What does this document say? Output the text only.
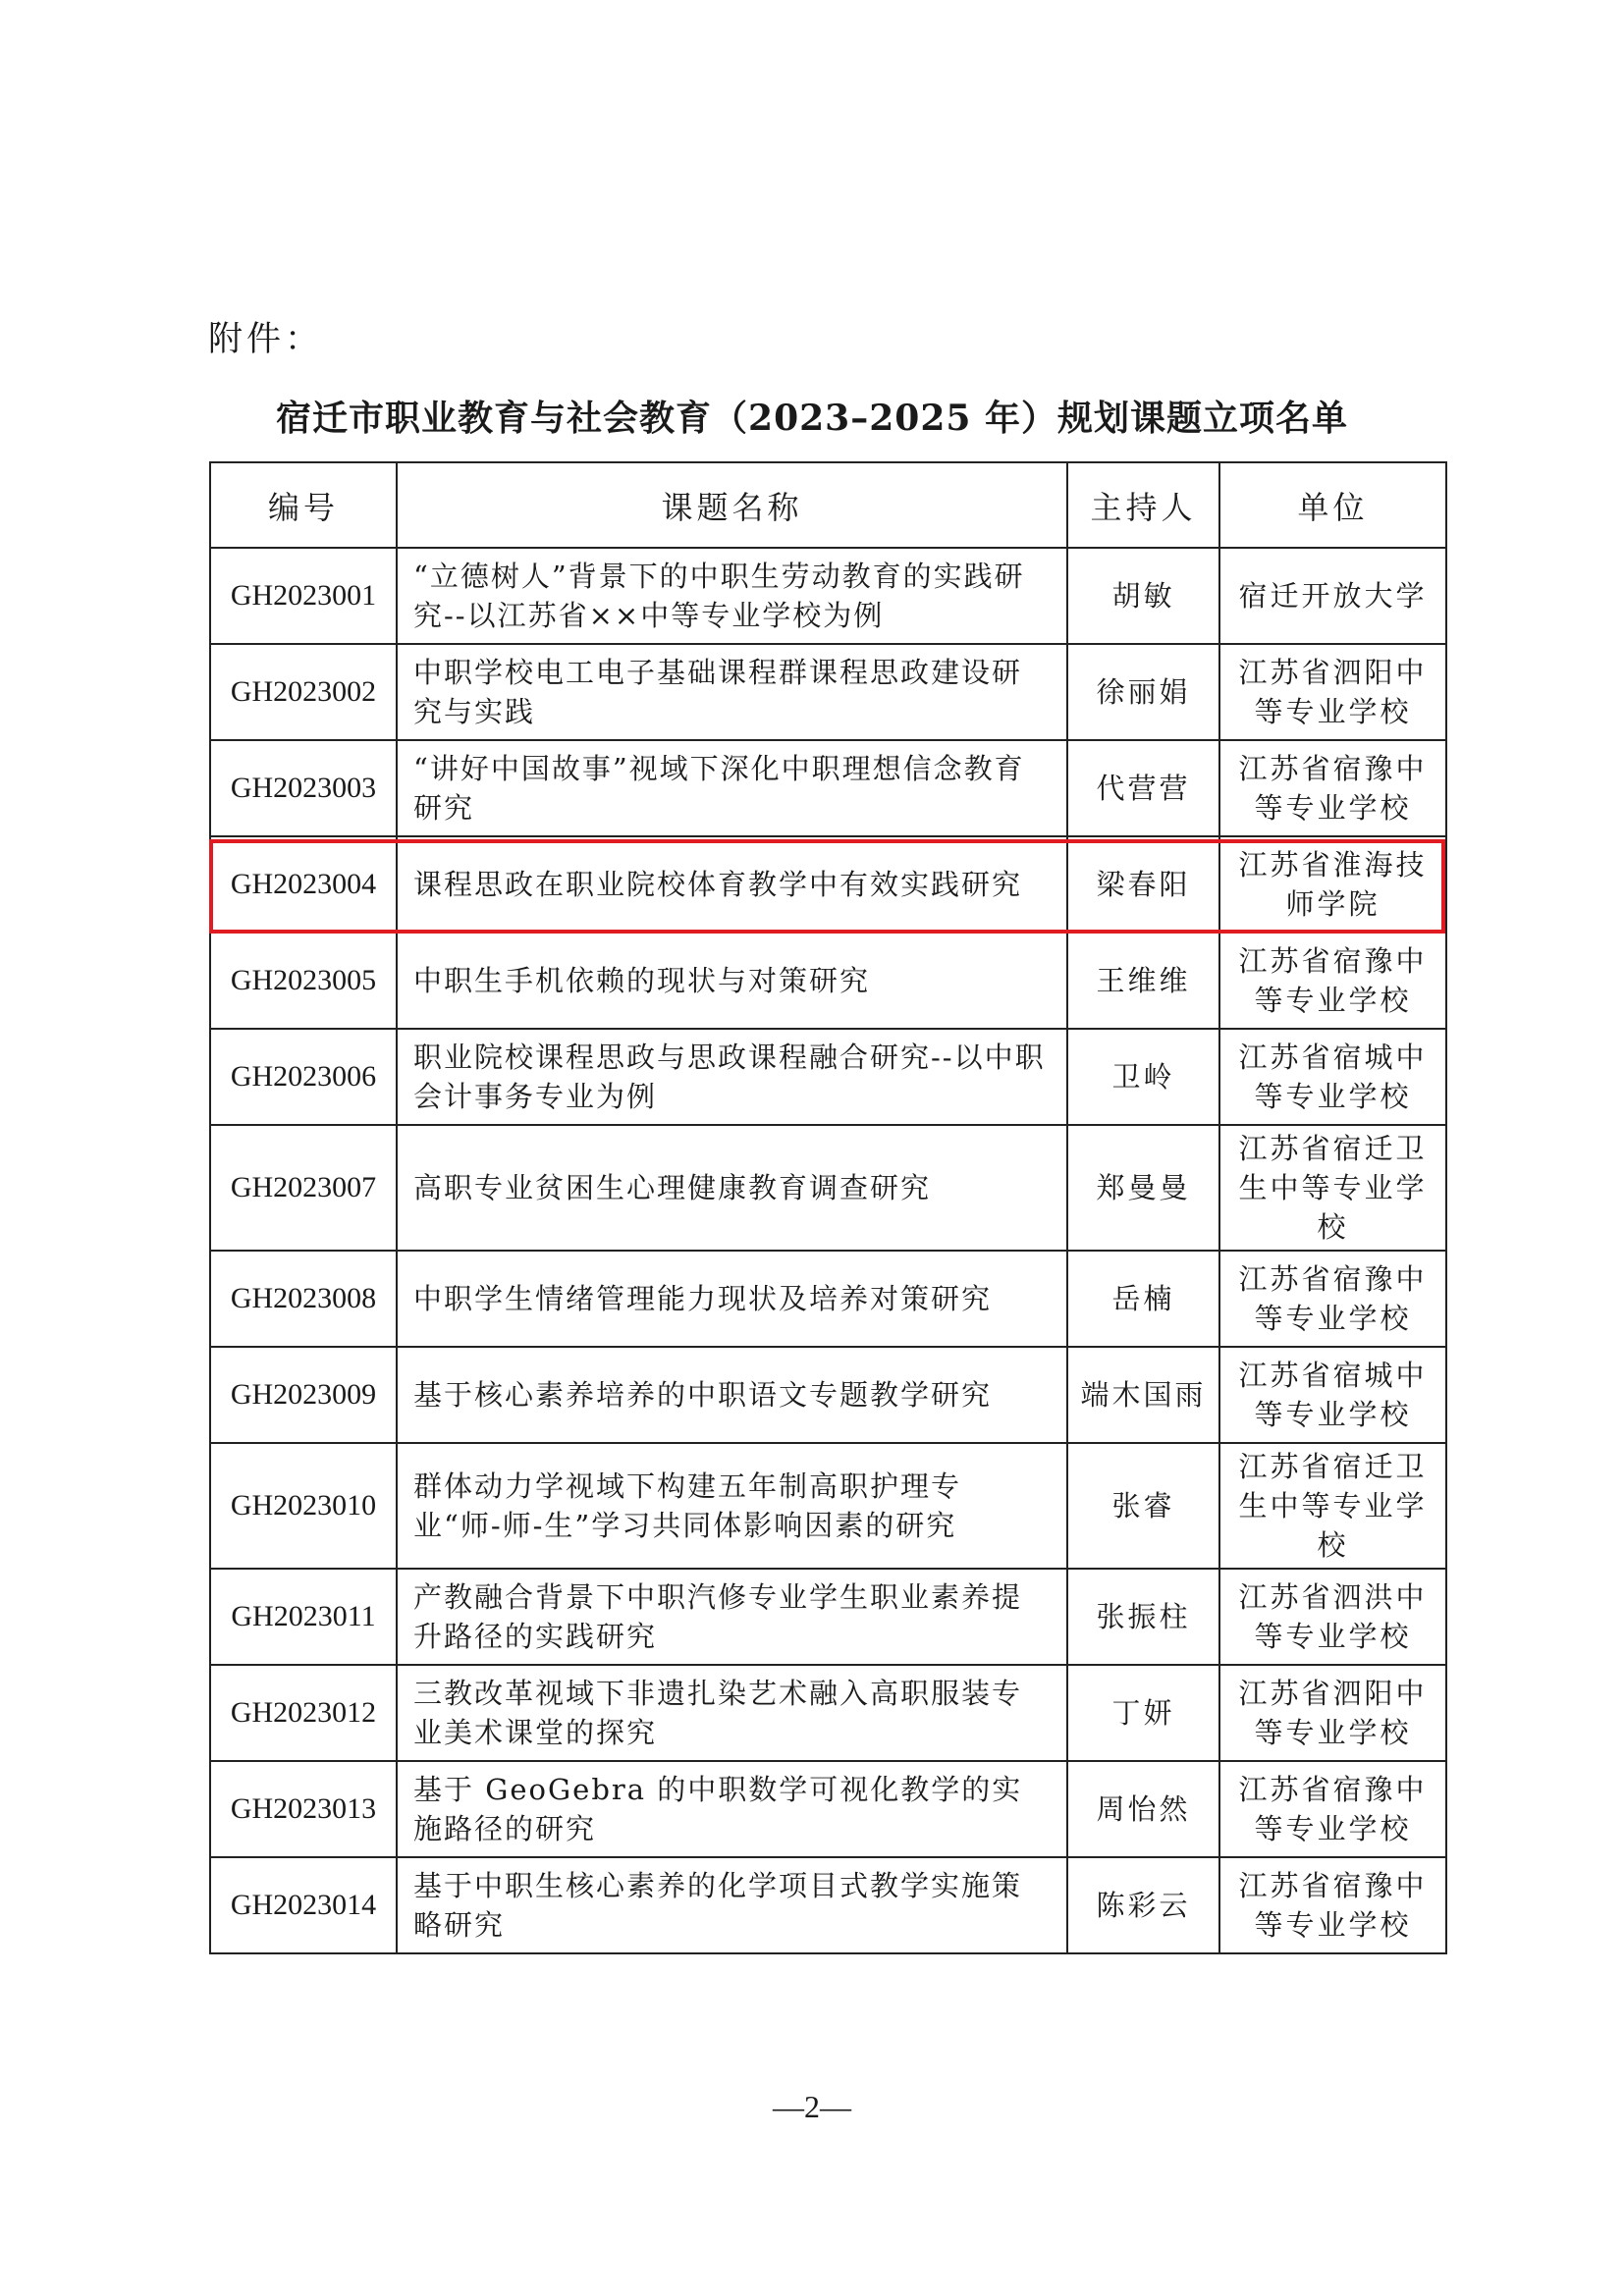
附件：
宿迁市职业教育与社会教育（2023–2025 年）规划课题立项名单
编号	课题名称	主持人	单位
GH2023001	“立德树人”背景下的中职生劳动教育的实践研究--以江苏省××中等专业学校为例	胡敏	宿迁开放大学
GH2023002	中职学校电工电子基础课程群课程思政建设研究与实践	徐丽娟	江苏省泗阳中等专业学校
GH2023003	“讲好中国故事”视域下深化中职理想信念教育研究	代营营	江苏省宿豫中等专业学校
GH2023004	课程思政在职业院校体育教学中有效实践研究	梁春阳	江苏省淮海技师学院
GH2023005	中职生手机依赖的现状与对策研究	王维维	江苏省宿豫中等专业学校
GH2023006	职业院校课程思政与思政课程融合研究--以中职会计事务专业为例	卫岭	江苏省宿城中等专业学校
GH2023007	高职专业贫困生心理健康教育调查研究	郑曼曼	江苏省宿迁卫生中等专业学校
GH2023008	中职学生情绪管理能力现状及培养对策研究	岳楠	江苏省宿豫中等专业学校
GH2023009	基于核心素养培养的中职语文专题教学研究	端木国雨	江苏省宿城中等专业学校
GH2023010	群体动力学视域下构建五年制高职护理专业“师-师-生”学习共同体影响因素的研究	张睿	江苏省宿迁卫生中等专业学校
GH2023011	产教融合背景下中职汽修专业学生职业素养提升路径的实践研究	张振柱	江苏省泗洪中等专业学校
GH2023012	三教改革视域下非遗扎染艺术融入高职服装专业美术课堂的探究	丁妍	江苏省泗阳中等专业学校
GH2023013	基于 GeoGebra 的中职数学可视化教学的实施路径的研究	周怡然	江苏省宿豫中等专业学校
GH2023014	基于中职生核心素养的化学项目式教学实施策略研究	陈彩云	江苏省宿豫中等专业学校
—2—
